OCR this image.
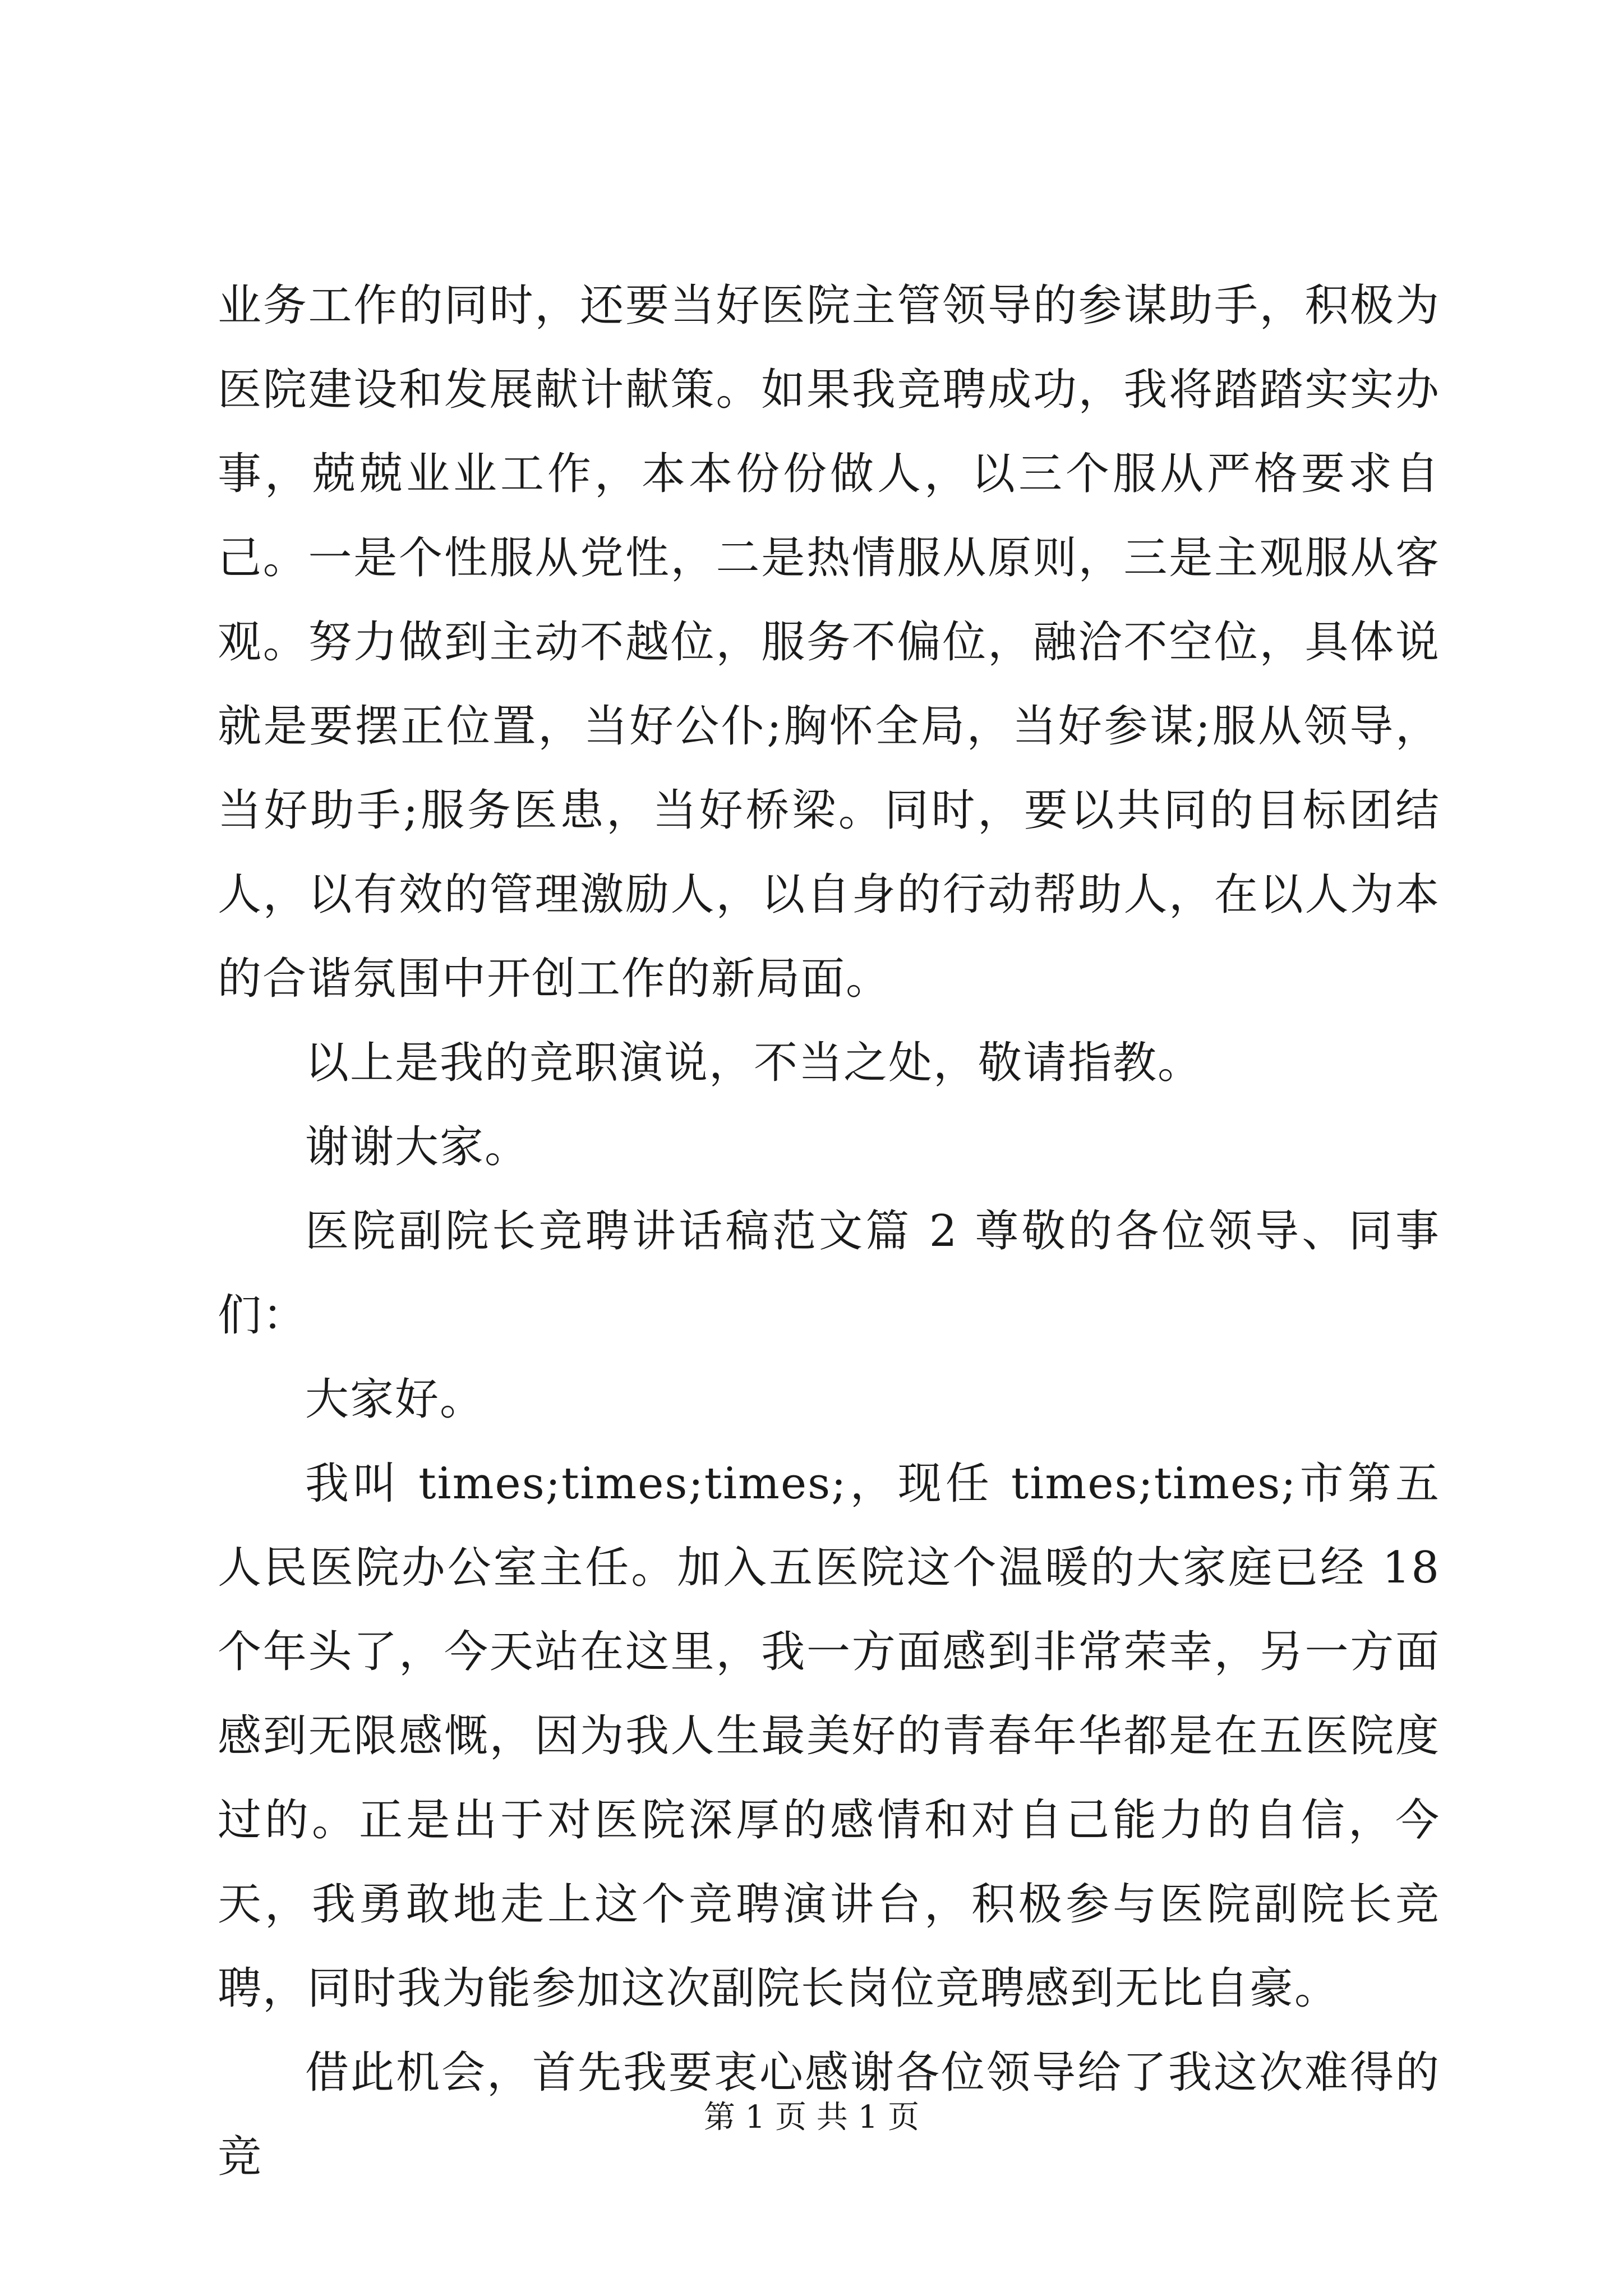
业务工作的同时，还要当好医院主管领导的参谋助手，积极为医院建设和发展献计献策。如果我竞聘成功，我将踏踏实实办事，兢兢业业工作，本本份份做人，以三个服从严格要求自己。一是个性服从党性，二是热情服从原则，三是主观服从客观。努力做到主动不越位，服务不偏位，融洽不空位，具体说就是要摆正位置，当好公仆;胸怀全局，当好参谋;服从领导，当好助手;服务医患，当好桥梁。同时，要以共同的目标团结人，以有效的管理激励人，以自身的行动帮助人，在以人为本的合谐氛围中开创工作的新局面。

以上是我的竞职演说，不当之处，敬请指教。

谢谢大家。

医院副院长竞聘讲话稿范文篇 2 尊敬的各位领导、同事们：

大家好。

我叫 times;times;times;，现任 times;times;市第五人民医院办公室主任。加入五医院这个温暖的大家庭已经 18 个年头了，今天站在这里，我一方面感到非常荣幸，另一方面感到无限感慨，因为我人生最美好的青春年华都是在五医院度过的。正是出于对医院深厚的感情和对自己能力的自信，今天，我勇敢地走上这个竞聘演讲台，积极参与医院副院长竞聘，同时我为能参加这次副院长岗位竞聘感到无比自豪。

借此机会，首先我要衷心感谢各位领导给了我这次难得的竞

第 1 页 共 1 页
